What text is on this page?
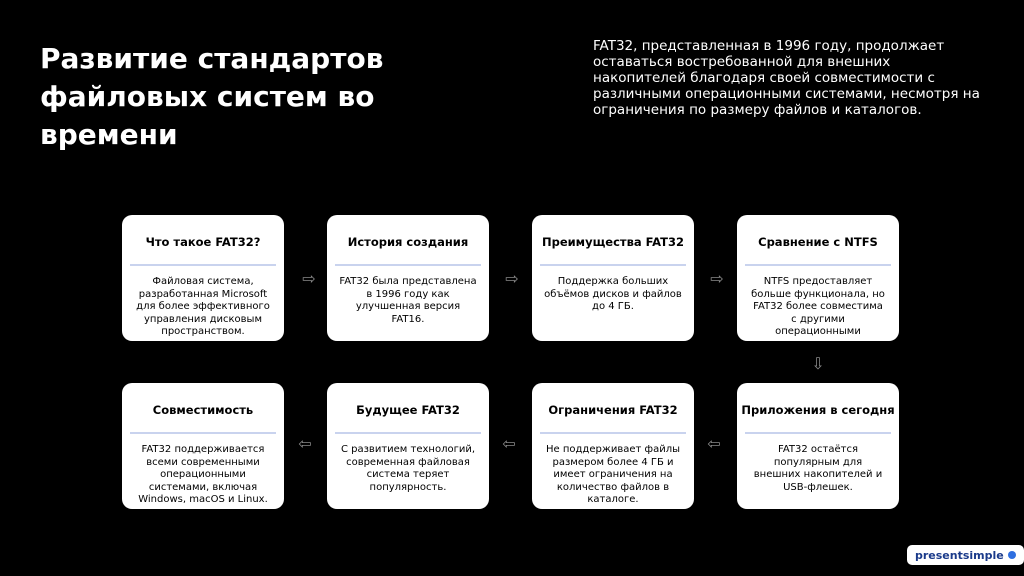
Развитие стандартов файловых систем во времени
FAT32, представленная в 1996 году, продолжает оставаться востребованной для внешних накопителей благодаря своей совместимости с различными операционными системами, несмотря на ограничения по размеру файлов и каталогов.
Что такое FAT32?
Файловая система, разработанная Microsoft для более эффективного управления дисковым пространством.
⇨
История создания
FAT32 была представлена в 1996 году как улучшенная версия FAT16.
⇨
Преимущества FAT32
Поддержка больших объёмов дисков и файлов до 4 ГБ.
⇨
Сравнение с NTFS
NTFS предоставляет больше функционала, но FAT32 более совместима с другими операционными системами.
⇩
Совместимость
FAT32 поддерживается всеми современными операционными системами, включая Windows, macOS и Linux.
⇦
Будущее FAT32
С развитием технологий, современная файловая система теряет популярность.
⇦
Ограничения FAT32
Не поддерживает файлы размером более 4 ГБ и имеет ограничения на количество файлов в каталоге.
⇦
Приложения в сегодня
FAT32 остаётся популярным для внешних накопителей и USB-флешек.
presentsimple
